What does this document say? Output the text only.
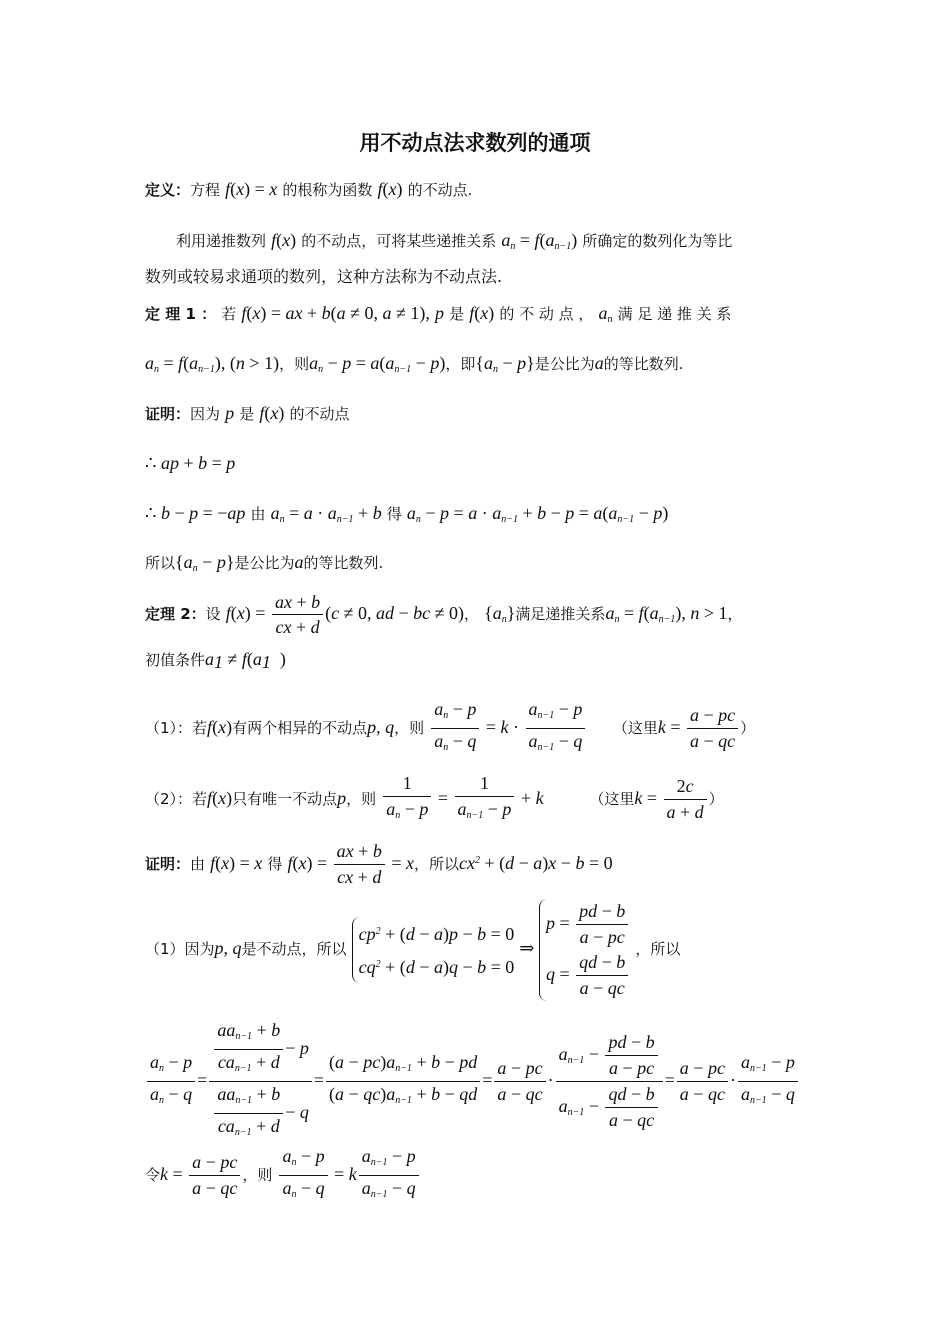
用不动点法求数列的通项
定义：方程 f(x) = x 的根称为函数 f(x) 的不动点.
利用递推数列 f(x) 的不动点，可将某些递推关系 $a_n = f(a_{n-1})$ 所确定的数列化为等比
数列或较易求通项的数列，这种方法称为不动点法.
定 理 1 ： 若 f(x) = ax + b(a ≠ 0, a ≠ 1), p 是 f(x) 的 不 动 点 ， $a_n$ 满 足 递 推 关 系
$a_n = f(a_{n-1})$, (n > 1)，则$a_n - p = a(a_{n-1} - p)$，即$\{a_n - p\}$是公比为a的等比数列.
证明：因为 p 是 f(x) 的不动点
∴ ap + b = p
∴ b − p = −ap 由 $a_n = a \cdot a_{n-1} + b$ 得 $a_n - p = a \cdot a_{n-1} + b - p = a(a_{n-1} - p)$
所以$\{a_n - p\}$是公比为a的等比数列.
定理 2：设 $f(x) = \frac{ax + b}{cx + d} (c \ne 0$, ad − bc ≠ 0)， $\{a_n\}$满足递推关系$a_n = f(a_{n-1})$, n > 1，
初值条件$a_1 \ne f(a_1$  )
（1）：若f(x)有两个相异的不动点p, q，则 $\frac{a_n - p}{a_n - q} = k \cdot \frac{a_{n-1} - p}{a_{n-1} - q}$ （这里$k = \frac{a - pc}{a - qc}$ ）
（2）：若f(x)只有唯一不动点p，则 $\frac{1}{a_n - p} = \frac{1}{a_{n-1} - p} + k$	（这里$k = \frac{2c}{a + d}$ ）
证明：由 f(x) = x 得 $f(x) = \frac{ax + b}{cx + d} = x$，所以$cx^2 + (d - a)x - b = 0$
（1）因为p, q是不动点，所以
$cp^2 + (d - a)p - b = 0$
$cq^2 + (d - a)q - b = 0$
⇒
$p = \frac{pd - b}{a - pc}$
$q = \frac{qd - b}{a - qc}$
，所以
$\frac{a_n - p}{a_n - q} = \frac{\frac{aa_{n-1} + b}{ca_{n-1} + d} - p}{\frac{aa_{n-1} + b}{ca_{n-1} + d} - q} = \frac{(a - pc)a_{n-1} + b - pd}{(a - qc)a_{n-1} + b - qd} = \frac{a - pc}{a - qc} \cdot \frac{a_{n-1} - \frac{pd - b}{a - pc}}{a_{n-1} - \frac{qd - b}{a - qc}} = \frac{a - pc}{a - qc} \cdot \frac{a_{n-1} - p}{a_{n-1} - q}$
令$k = \frac{a - pc}{a - qc}$ ，则 $\frac{a_n - p}{a_n - q} = k \frac{a_{n-1} - p}{a_{n-1} - q}$
